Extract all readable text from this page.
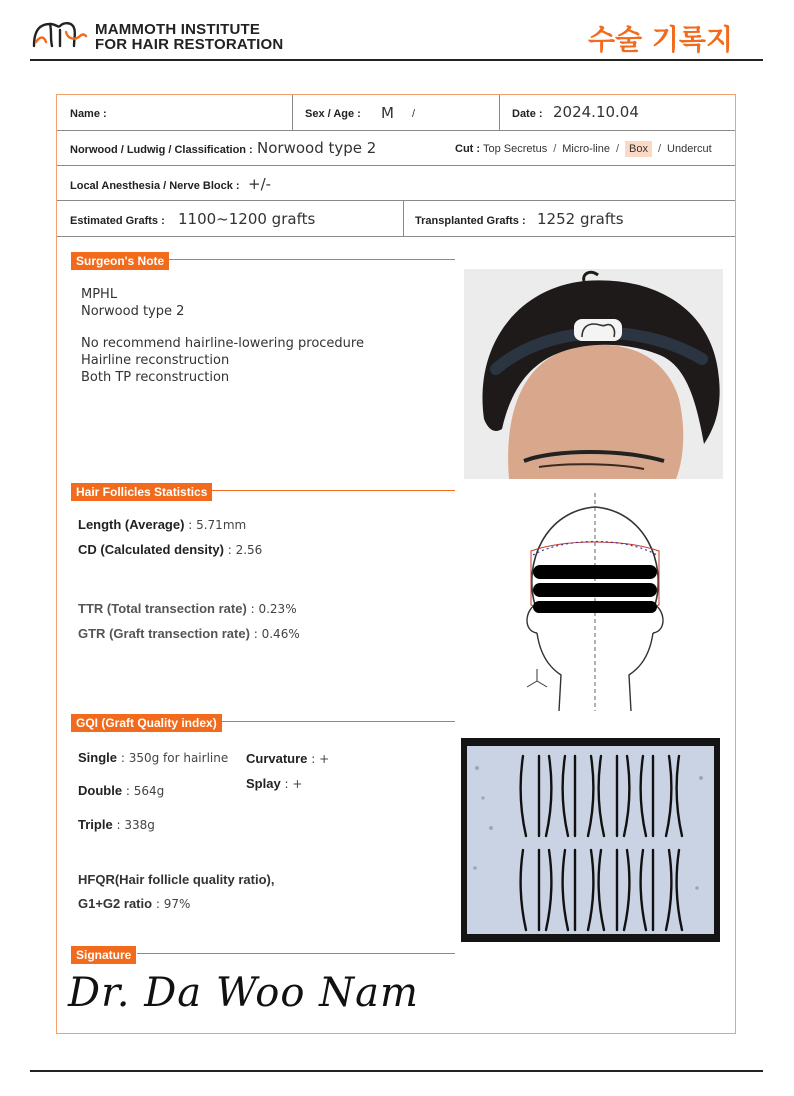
MAMMOTH INSTITUTE
FOR HAIR RESTORATION	수술 기록지
Name :	Sex / Age : M /	Date : 2024.10.04
Norwood / Ludwig / Classification : Norwood type 2	Cut : Top Secretus / Micro-line / Box / Undercut
Local Anesthesia / Nerve Block : +/-
Estimated Grafts : 1100~1200 grafts	Transplanted Grafts : 1252 grafts
Surgeon's Note
MPHL
Norwood type 2
No recommend hairline-lowering procedure
Hairline reconstruction
Both TP reconstruction
Hair Follicles Statistics
Length (Average) : 5.71mm
CD (Calculated density) : 2.56
TTR (Total transection rate) : 0.23%
GTR (Graft transection rate) : 0.46%
GQI (Graft Quality index)
Single : 350g for hairline Curvature : +
Splay : +
Double : 564g
Triple : 338g
HFQR(Hair follicle quality ratio),
G1+G2 ratio : 97%
Signature
Dr. Da Woo Nam
